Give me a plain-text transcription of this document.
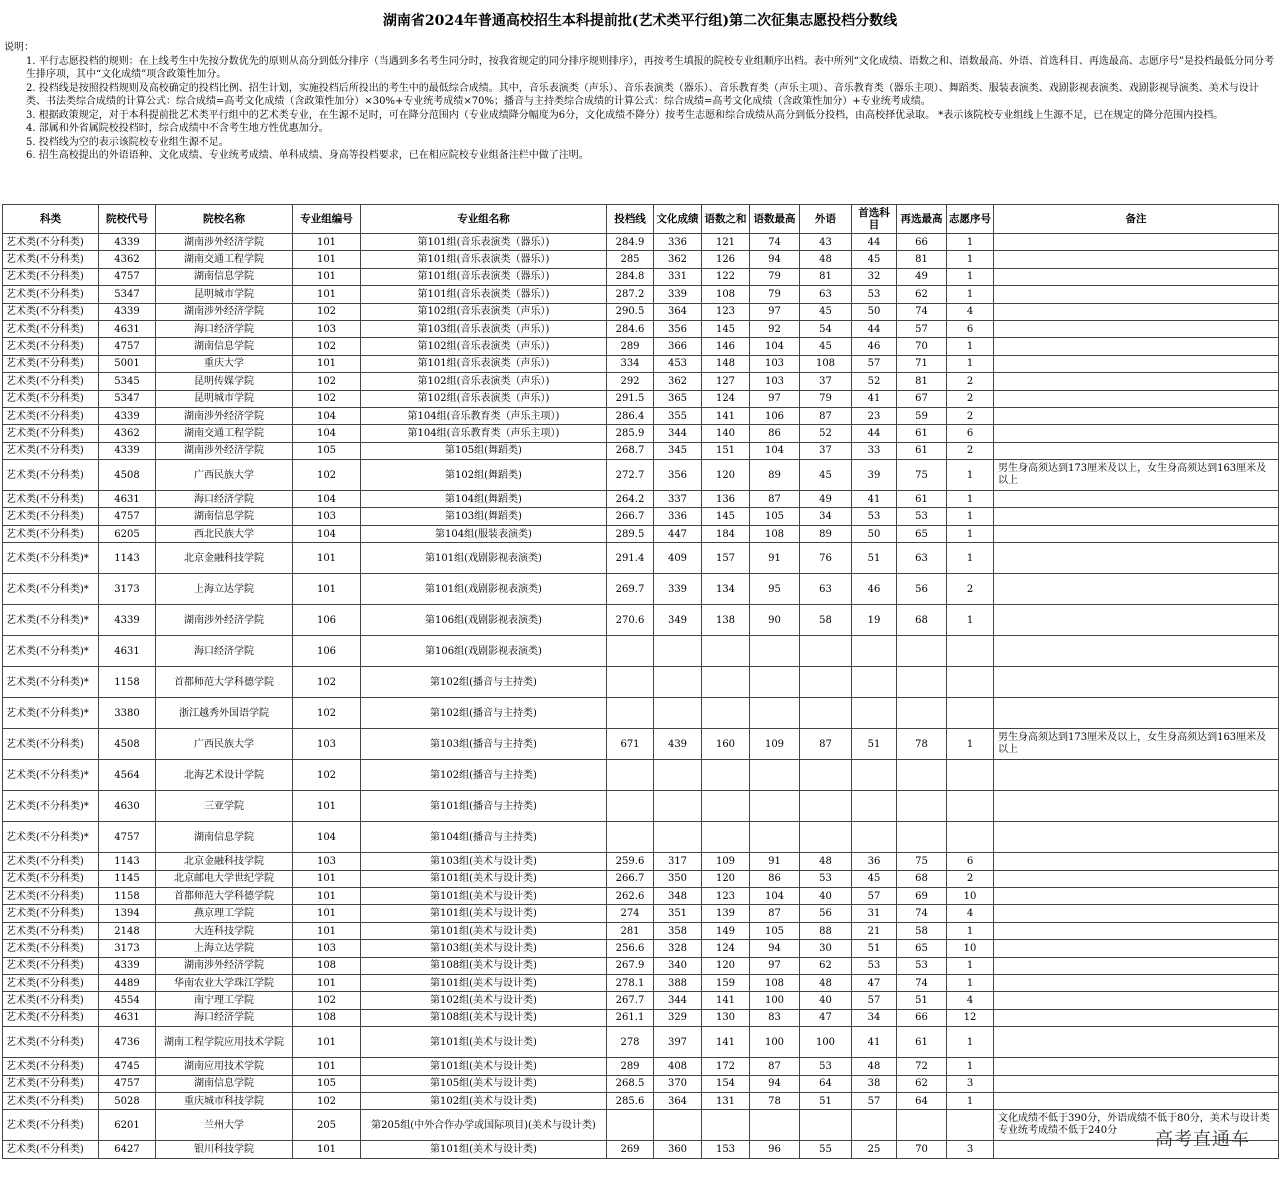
湖南省2024年普通高校招生本科提前批(艺术类平行组)第二次征集志愿投档分数线

说明：

1. 平行志愿投档的规则：在上线考生中先按分数优先的原则从高分到低分排序（当遇到多名考生同分时，按我省规定的同分排序规则排序），再按考生填报的院校专业组顺序出档。表中所列“文化成绩、语数之和、语数最高、外语、首选科目、再选最高、志愿序号”是投档最低分同分考生排序项，其中“文化成绩”项含政策性加分。

2. 投档线是按照投档规则及高校确定的投档比例、招生计划，实施投档后所投出的考生中的最低综合成绩。其中，音乐表演类（声乐）、音乐表演类（器乐）、音乐教育类（声乐主项）、音乐教育类（器乐主项）、舞蹈类、服装表演类、戏剧影视表演类、戏剧影视导演类、美术与设计类、书法类综合成绩的计算公式：综合成绩=高考文化成绩（含政策性加分）×30%+专业统考成绩×70%；播音与主持类综合成绩的计算公式：综合成绩=高考文化成绩（含政策性加分）+专业统考成绩。

3. 根据政策规定，对于本科提前批艺术类平行组中的艺术类专业，在生源不足时，可在降分范围内（专业成绩降分幅度为6分，文化成绩不降分）按考生志愿和综合成绩从高分到低分投档，由高校择优录取。 *表示该院校专业组线上生源不足，已在规定的降分范围内投档。

4. 部属和外省属院校投档时，综合成绩中不含考生地方性优惠加分。

5. 投档线为空的表示该院校专业组生源不足。

6. 招生高校提出的外语语种、文化成绩、专业统考成绩、单科成绩、身高等投档要求，已在相应院校专业组备注栏中做了注明。

科类	院校代号	院校名称	专业组编号	专业组名称	投档线	文化成绩	语数之和	语数最高	外语	首选科目	再选最高	志愿序号	备注
艺术类(不分科类)	4339	湖南涉外经济学院	101	第101组(音乐表演类（器乐）)	284.9	336	121	74	43	44	66	1	
艺术类(不分科类)	4362	湖南交通工程学院	101	第101组(音乐表演类（器乐）)	285	362	126	94	48	45	81	1	
艺术类(不分科类)	4757	湖南信息学院	101	第101组(音乐表演类（器乐）)	284.8	331	122	79	81	32	49	1	
艺术类(不分科类)	5347	昆明城市学院	101	第101组(音乐表演类（器乐）)	287.2	339	108	79	63	53	62	1	
艺术类(不分科类)	4339	湖南涉外经济学院	102	第102组(音乐表演类（声乐）)	290.5	364	123	97	45	50	74	4	
艺术类(不分科类)	4631	海口经济学院	103	第103组(音乐表演类（声乐）)	284.6	356	145	92	54	44	57	6	
艺术类(不分科类)	4757	湖南信息学院	102	第102组(音乐表演类（声乐）)	289	366	146	104	45	46	70	1	
艺术类(不分科类)	5001	重庆大学	101	第101组(音乐表演类（声乐）)	334	453	148	103	108	57	71	1	
艺术类(不分科类)	5345	昆明传媒学院	102	第102组(音乐表演类（声乐）)	292	362	127	103	37	52	81	2	
艺术类(不分科类)	5347	昆明城市学院	102	第102组(音乐表演类（声乐）)	291.5	365	124	97	79	41	67	2	
艺术类(不分科类)	4339	湖南涉外经济学院	104	第104组(音乐教育类（声乐主项）)	286.4	355	141	106	87	23	59	2	
艺术类(不分科类)	4362	湖南交通工程学院	104	第104组(音乐教育类（声乐主项）)	285.9	344	140	86	52	44	61	6	
艺术类(不分科类)	4339	湖南涉外经济学院	105	第105组(舞蹈类)	268.7	345	151	104	37	33	61	2	
艺术类(不分科类)	4508	广西民族大学	102	第102组(舞蹈类)	272.7	356	120	89	45	39	75	1	男生身高须达到173厘米及以上，女生身高须达到163厘米及以上
艺术类(不分科类)	4631	海口经济学院	104	第104组(舞蹈类)	264.2	337	136	87	49	41	61	1	
艺术类(不分科类)	4757	湖南信息学院	103	第103组(舞蹈类)	266.7	336	145	105	34	53	53	1	
艺术类(不分科类)	6205	西北民族大学	104	第104组(服装表演类)	289.5	447	184	108	89	50	65	1	
艺术类(不分科类)*	1143	北京金融科技学院	101	第101组(戏剧影视表演类)	291.4	409	157	91	76	51	63	1	
艺术类(不分科类)*	3173	上海立达学院	101	第101组(戏剧影视表演类)	269.7	339	134	95	63	46	56	2	
艺术类(不分科类)*	4339	湖南涉外经济学院	106	第106组(戏剧影视表演类)	270.6	349	138	90	58	19	68	1	
艺术类(不分科类)*	4631	海口经济学院	106	第106组(戏剧影视表演类)									
艺术类(不分科类)*	1158	首都师范大学科德学院	102	第102组(播音与主持类)									
艺术类(不分科类)*	3380	浙江越秀外国语学院	102	第102组(播音与主持类)									
艺术类(不分科类)	4508	广西民族大学	103	第103组(播音与主持类)	671	439	160	109	87	51	78	1	男生身高须达到173厘米及以上，女生身高须达到163厘米及以上
艺术类(不分科类)*	4564	北海艺术设计学院	102	第102组(播音与主持类)									
艺术类(不分科类)*	4630	三亚学院	101	第101组(播音与主持类)									
艺术类(不分科类)*	4757	湖南信息学院	104	第104组(播音与主持类)									
艺术类(不分科类)	1143	北京金融科技学院	103	第103组(美术与设计类)	259.6	317	109	91	48	36	75	6	
艺术类(不分科类)	1145	北京邮电大学世纪学院	101	第101组(美术与设计类)	266.7	350	120	86	53	45	68	2	
艺术类(不分科类)	1158	首都师范大学科德学院	101	第101组(美术与设计类)	262.6	348	123	104	40	57	69	10	
艺术类(不分科类)	1394	燕京理工学院	101	第101组(美术与设计类)	274	351	139	87	56	31	74	4	
艺术类(不分科类)	2148	大连科技学院	101	第101组(美术与设计类)	281	358	149	105	88	21	58	1	
艺术类(不分科类)	3173	上海立达学院	103	第103组(美术与设计类)	256.6	328	124	94	30	51	65	10	
艺术类(不分科类)	4339	湖南涉外经济学院	108	第108组(美术与设计类)	267.9	340	120	97	62	53	53	1	
艺术类(不分科类)	4489	华南农业大学珠江学院	101	第101组(美术与设计类)	278.1	388	159	108	48	47	74	1	
艺术类(不分科类)	4554	南宁理工学院	102	第102组(美术与设计类)	267.7	344	141	100	40	57	51	4	
艺术类(不分科类)	4631	海口经济学院	108	第108组(美术与设计类)	261.1	329	130	83	47	34	66	12	
艺术类(不分科类)	4736	湖南工程学院应用技术学院	101	第101组(美术与设计类)	278	397	141	100	100	41	61	1	
艺术类(不分科类)	4745	湖南应用技术学院	101	第101组(美术与设计类)	289	408	172	87	53	48	72	1	
艺术类(不分科类)	4757	湖南信息学院	105	第105组(美术与设计类)	268.5	370	154	94	64	38	62	3	
艺术类(不分科类)	5028	重庆城市科技学院	102	第102组(美术与设计类)	285.6	364	131	78	51	57	64	1	
艺术类(不分科类)	6201	兰州大学	205	第205组(中外合作办学或国际项目)(美术与设计类)									文化成绩不低于390分，外语成绩不低于80分，美术与设计类专业统考成绩不低于240分
艺术类(不分科类)	6427	银川科技学院	101	第101组(美术与设计类)	269	360	153	96	55	25	70	3		高考直通车
